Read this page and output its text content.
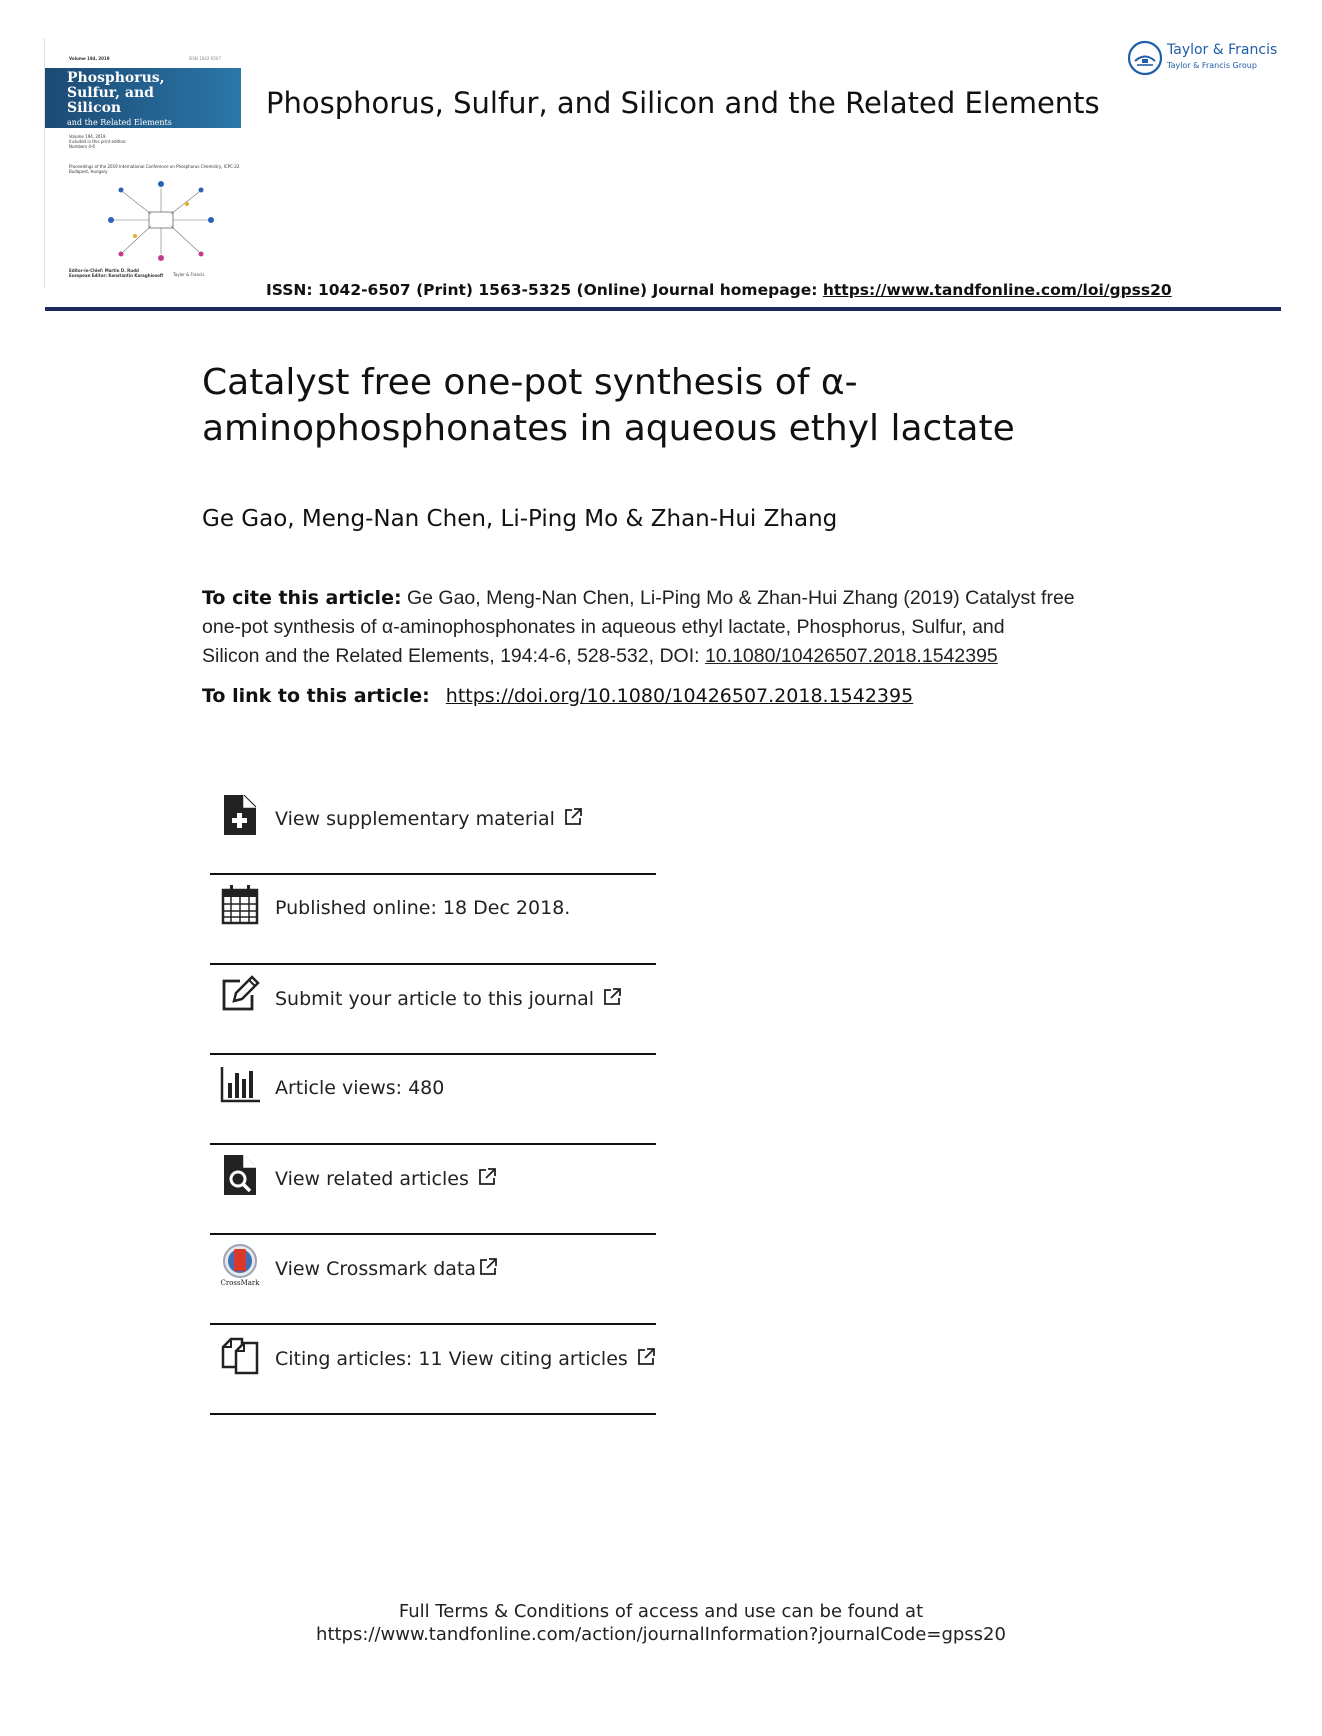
Volume 194, 2019	ISSN 1042-6507
Phosphorus,
Sulfur, and
Silicon
and the Related Elements
Volume 194, 2019
Included in this print edition:
Numbers 4-6
Proceedings of the 2019 International Conference on Phosphorus Chemistry, ICPC-22
Budapest, Hungary
Editor-in-Chief: Martin D. Rudd
European Editor: Konstantin Karaghiosoff Taylor & Francis
Phosphorus, Sulfur, and Silicon and the Related Elements
Taylor & Francis
Taylor & Francis Group
ISSN: 1042-6507 (Print) 1563-5325 (Online) Journal homepage: https://www.tandfonline.com/loi/gpss20
Catalyst free one-pot synthesis of α-
aminophosphonates in aqueous ethyl lactate
Ge Gao, Meng-Nan Chen, Li-Ping Mo & Zhan-Hui Zhang
To cite this article: Ge Gao, Meng-Nan Chen, Li-Ping Mo & Zhan-Hui Zhang (2019) Catalyst free
one-pot synthesis of α-aminophosphonates in aqueous ethyl lactate, Phosphorus, Sulfur, and
Silicon and the Related Elements, 194:4-6, 528-532, DOI: 10.1080/10426507.2018.1542395
To link to this article: https://doi.org/10.1080/10426507.2018.1542395
View supplementary material
Published online: 18 Dec 2018.
Submit your article to this journal
Article views: 480
View related articles
CrossMark
View Crossmark data
Citing articles: 11 View citing articles
Full Terms & Conditions of access and use can be found at
https://www.tandfonline.com/action/journalInformation?journalCode=gpss20
